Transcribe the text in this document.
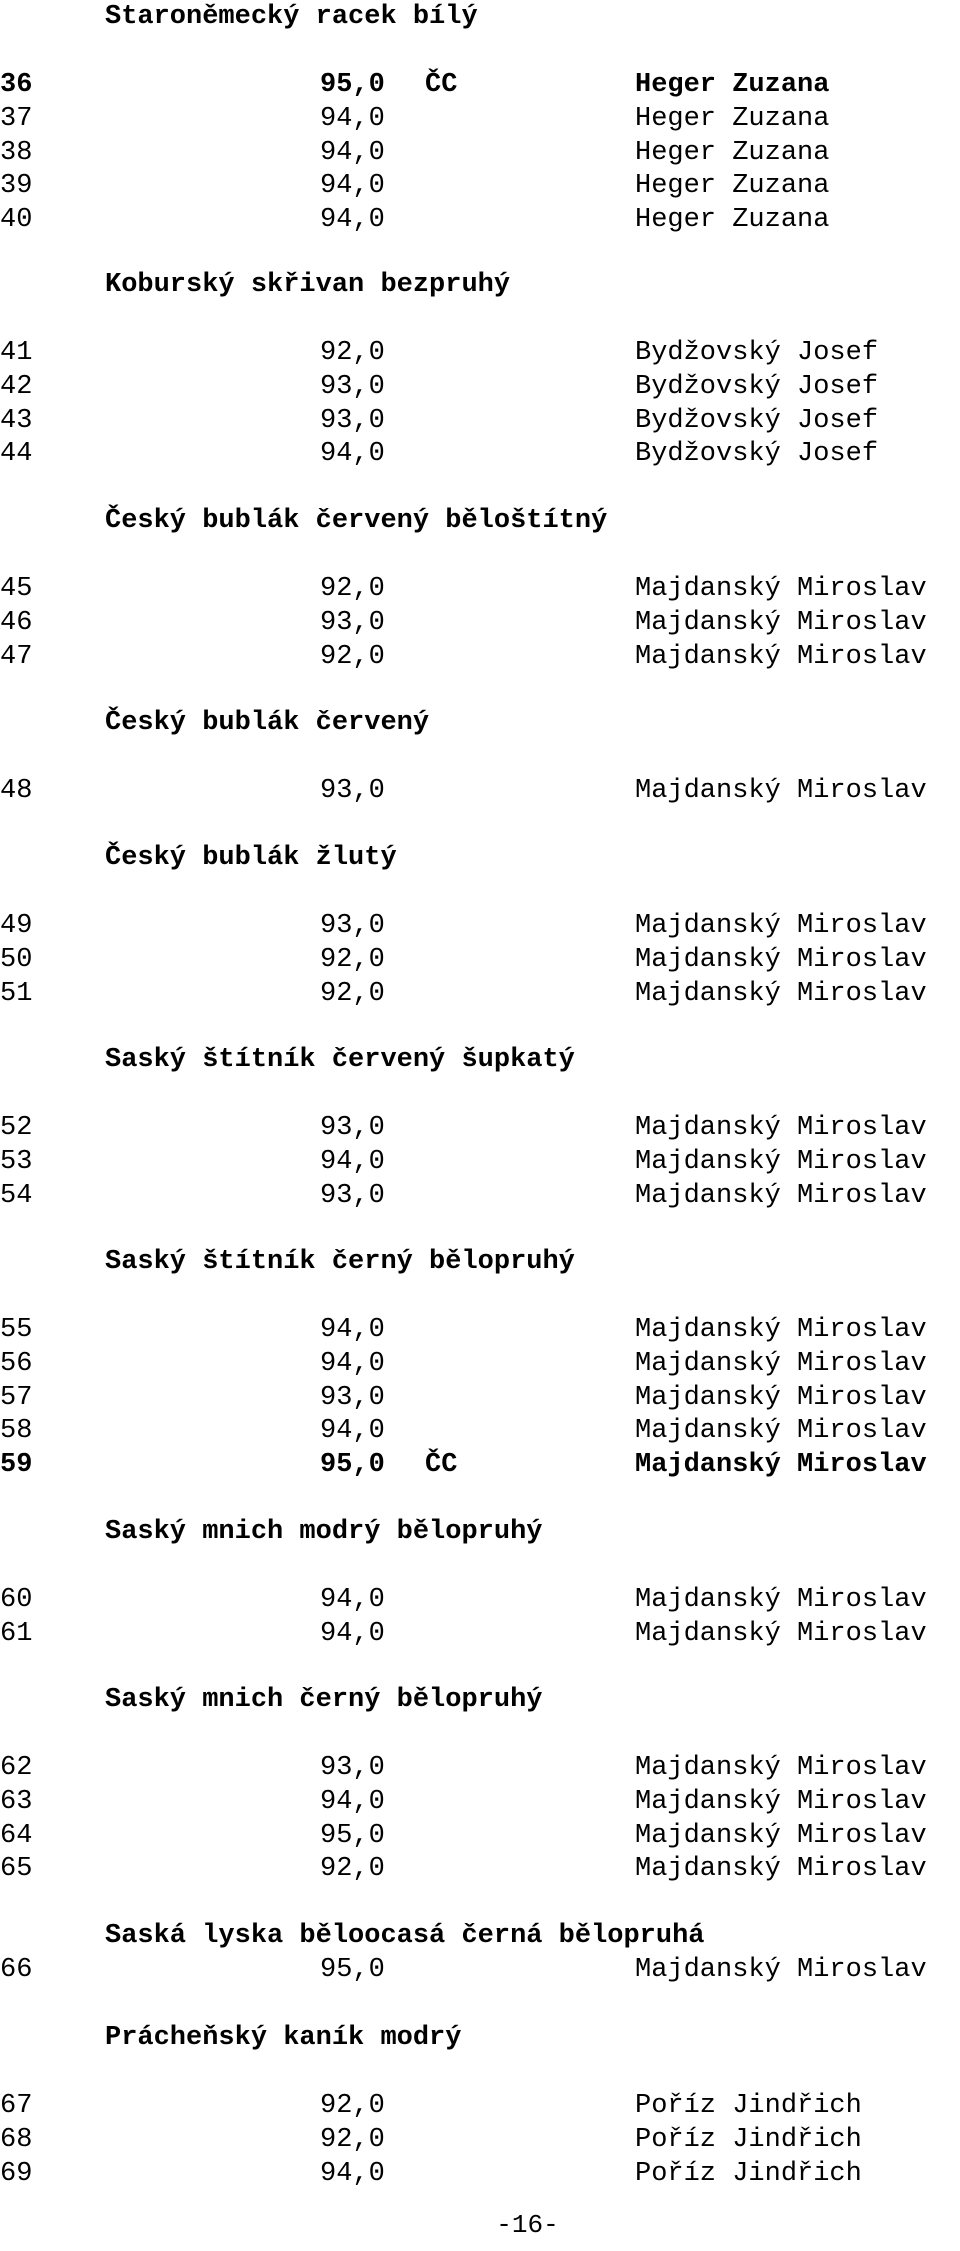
Staroněmecký racek bílý
36	95,0 ČC	Heger Zuzana
37	94,0	Heger Zuzana
38	94,0	Heger Zuzana
39	94,0	Heger Zuzana
40	94,0	Heger Zuzana
Koburský skřivan bezpruhý
41	92,0	Bydžovský Josef
42	93,0	Bydžovský Josef
43	93,0	Bydžovský Josef
44	94,0	Bydžovský Josef
Český bublák červený běloštítný
45	92,0	Majdanský Miroslav
46	93,0	Majdanský Miroslav
47	92,0	Majdanský Miroslav
Český bublák červený
48	93,0	Majdanský Miroslav
Český bublák žlutý
49	93,0	Majdanský Miroslav
50	92,0	Majdanský Miroslav
51	92,0	Majdanský Miroslav
Saský štítník červený šupkatý
52	93,0	Majdanský Miroslav
53	94,0	Majdanský Miroslav
54	93,0	Majdanský Miroslav
Saský štítník černý bělopruhý
55	94,0	Majdanský Miroslav
56	94,0	Majdanský Miroslav
57	93,0	Majdanský Miroslav
58	94,0	Majdanský Miroslav
59	95,0 ČC	Majdanský Miroslav
Saský mnich modrý bělopruhý
60	94,0	Majdanský Miroslav
61	94,0	Majdanský Miroslav
Saský mnich černý bělopruhý
62	93,0	Majdanský Miroslav
63	94,0	Majdanský Miroslav
64	95,0	Majdanský Miroslav
65	92,0	Majdanský Miroslav
Saská lyska běloocasá černá bělopruhá
66	95,0	Majdanský Miroslav
Prácheňský kaník modrý
67	92,0	Poříz Jindřich
68	92,0	Poříz Jindřich
69	94,0	Poříz Jindřich
-16-
